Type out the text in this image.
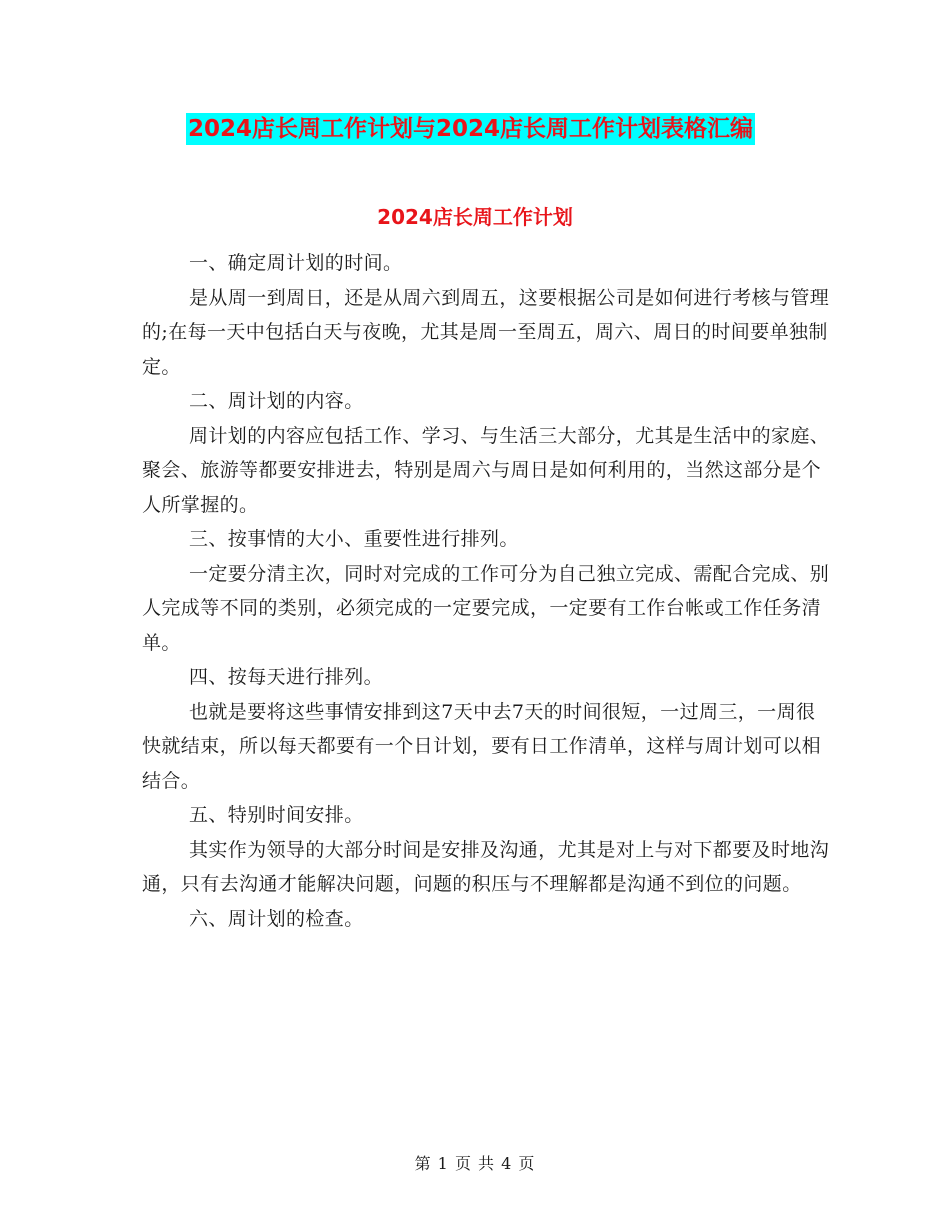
2024店长周工作计划与2024店长周工作计划表格汇编
2024店长周工作计划

一、确定周计划的时间。

是从周一到周日，还是从周六到周五，这要根据公司是如何进行考核与管理的;在每一天中包括白天与夜晚，尤其是周一至周五，周六、周日的时间要单独制定。

二、周计划的内容。

周计划的内容应包括工作、学习、与生活三大部分，尤其是生活中的家庭、聚会、旅游等都要安排进去，特别是周六与周日是如何利用的，当然这部分是个人所掌握的。

三、按事情的大小、重要性进行排列。

一定要分清主次，同时对完成的工作可分为自己独立完成、需配合完成、别人完成等不同的类别，必须完成的一定要完成，一定要有工作台帐或工作任务清单。

四、按每天进行排列。

也就是要将这些事情安排到这7天中去7天的时间很短，一过周三，一周很快就结束，所以每天都要有一个日计划，要有日工作清单，这样与周计划可以相结合。

五、特别时间安排。

其实作为领导的大部分时间是安排及沟通，尤其是对上与对下都要及时地沟通，只有去沟通才能解决问题，问题的积压与不理解都是沟通不到位的问题。

六、周计划的检查。

第 1 页 共 4 页
